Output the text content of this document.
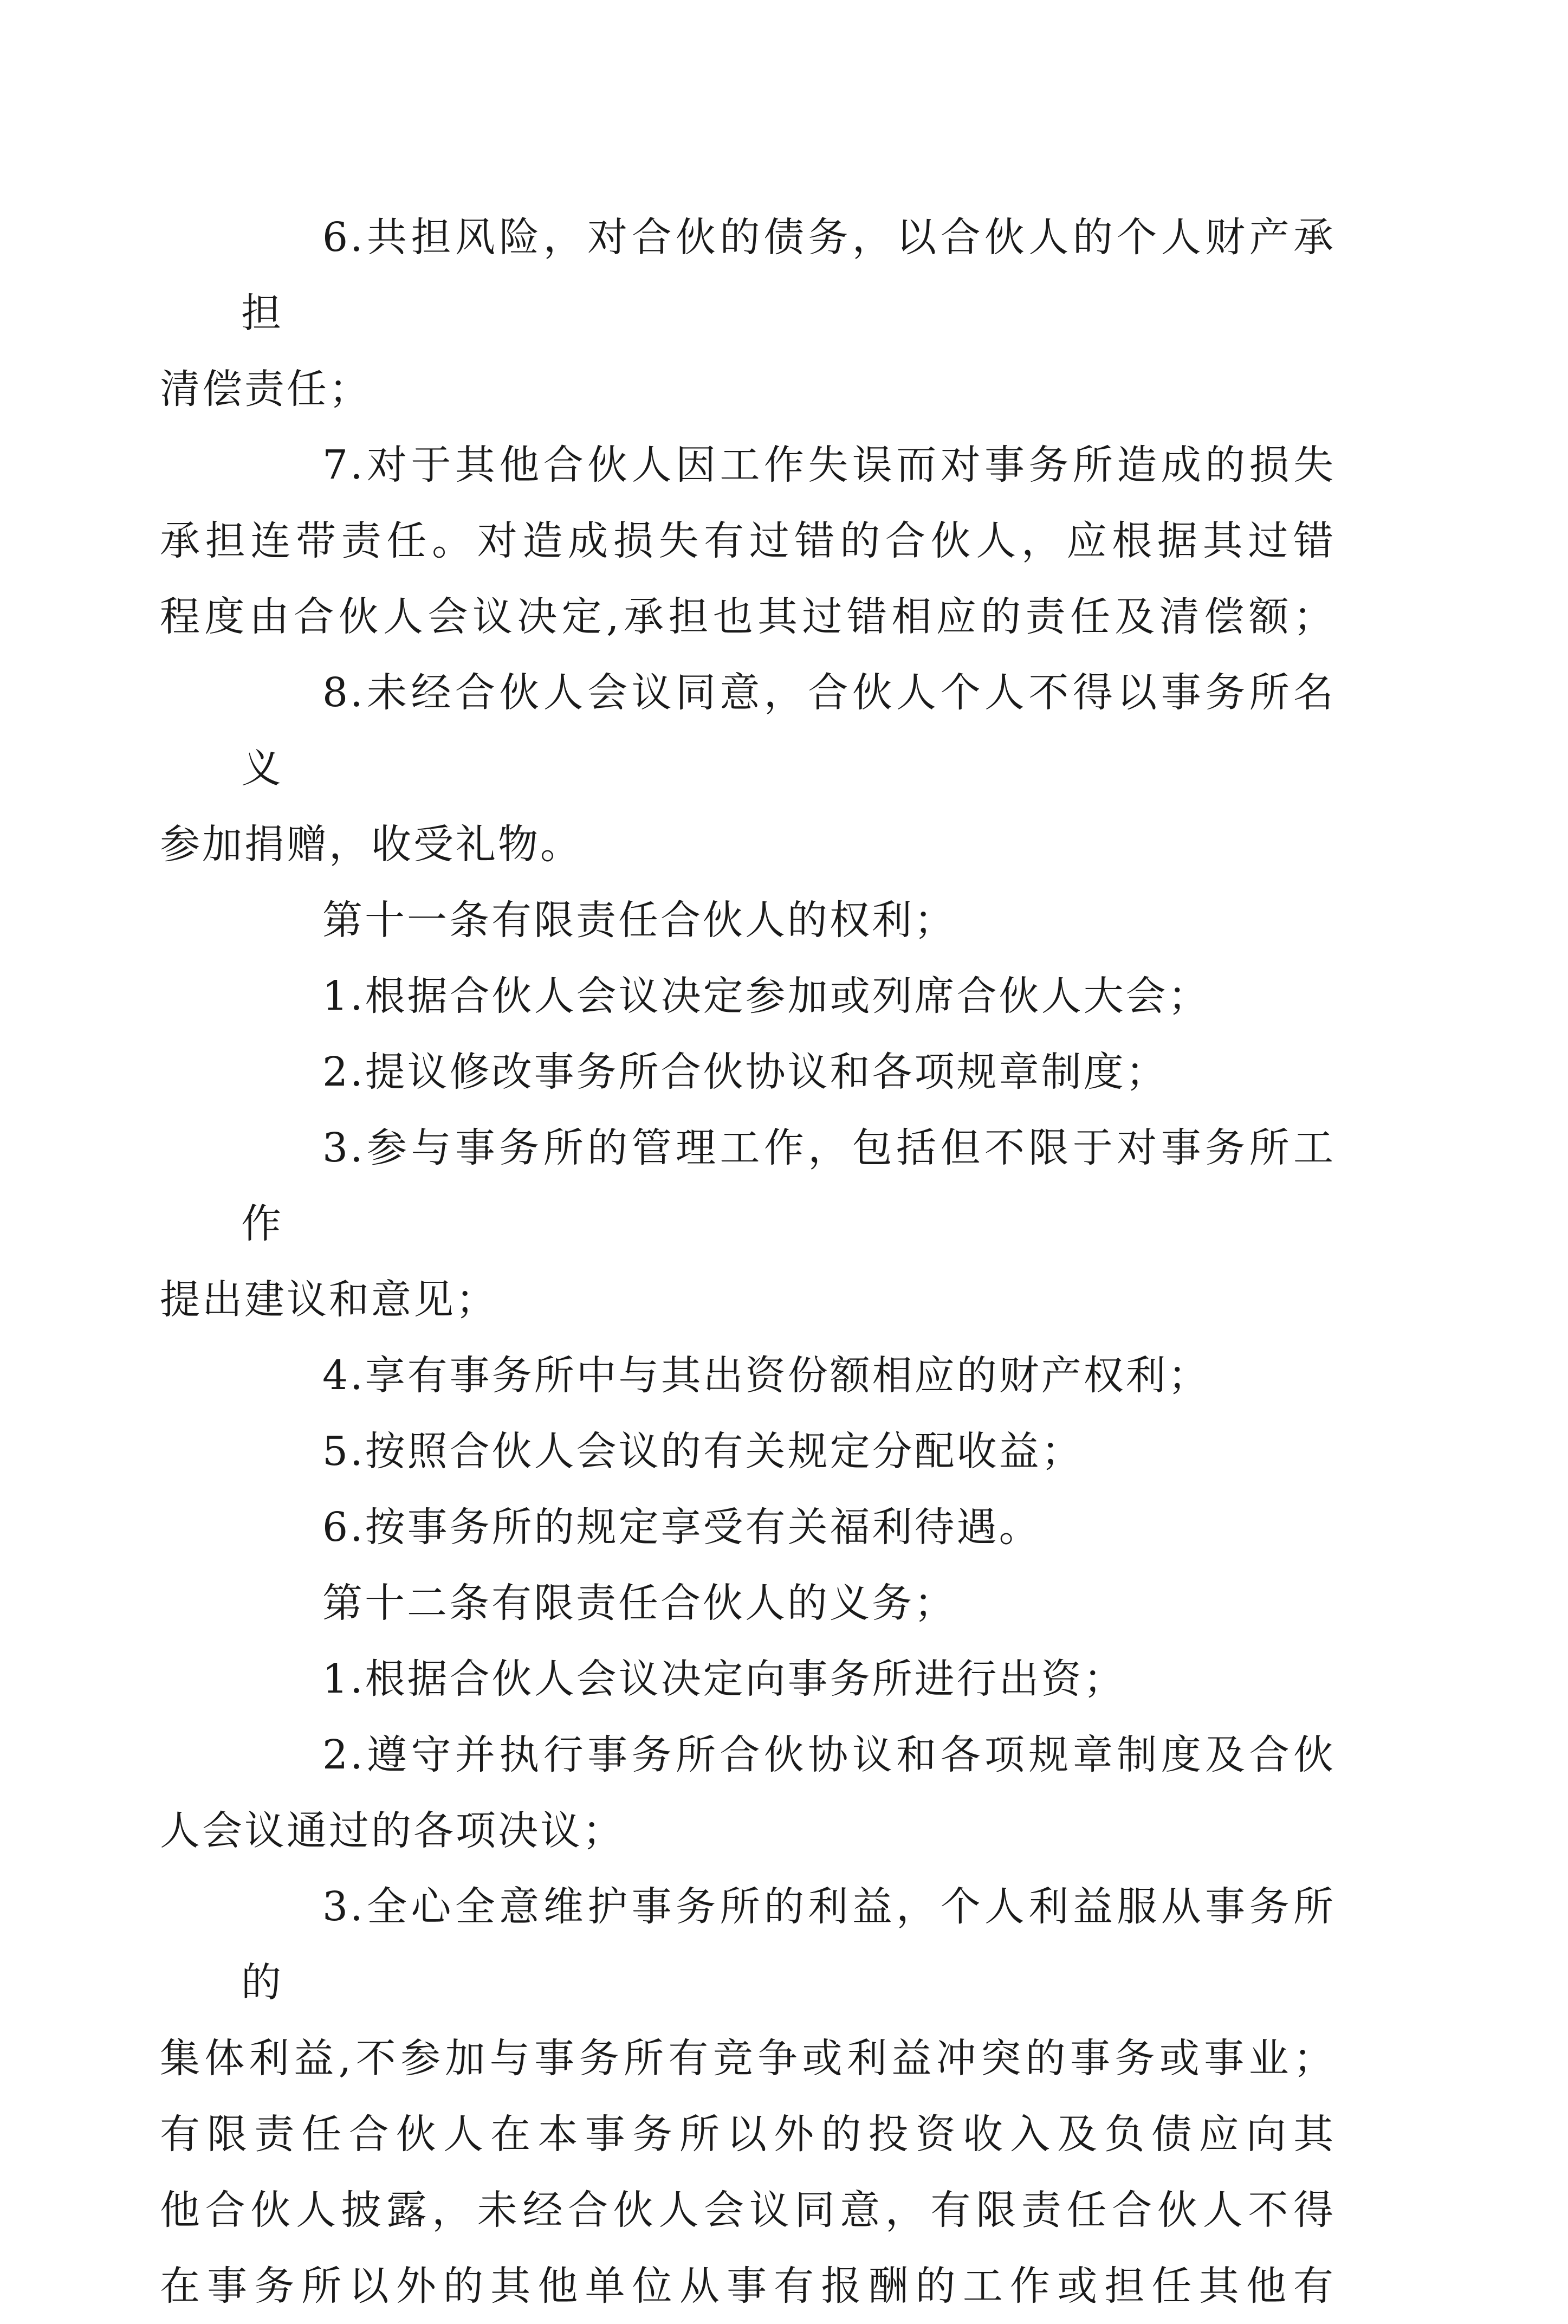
6.共担风险，对合伙的债务，以合伙人的个人财产承担
清偿责任；

7.对于其他合伙人因工作失误而对事务所造成的损失
承担连带责任。对造成损失有过错的合伙人，应根据其过错
程度由合伙人会议决定,承担也其过错相应的责任及清偿额；

8.未经合伙人会议同意，合伙人个人不得以事务所名义
参加捐赠，收受礼物。

第十一条有限责任合伙人的权利；

1.根据合伙人会议决定参加或列席合伙人大会；

2.提议修改事务所合伙协议和各项规章制度；

3.参与事务所的管理工作，包括但不限于对事务所工作
提出建议和意见；

4.享有事务所中与其出资份额相应的财产权利；

5.按照合伙人会议的有关规定分配收益；

6.按事务所的规定享受有关福利待遇。

第十二条有限责任合伙人的义务；

1.根据合伙人会议决定向事务所进行出资；

2.遵守并执行事务所合伙协议和各项规章制度及合伙
人会议通过的各项决议；

3.全心全意维护事务所的利益，个人利益服从事务所的
集体利益,不参加与事务所有竞争或利益冲突的事务或事业；
有限责任合伙人在本事务所以外的投资收入及负债应向其
他合伙人披露，未经合伙人会议同意，有限责任合伙人不得
在事务所以外的其他单位从事有报酬的工作或担任其他有
